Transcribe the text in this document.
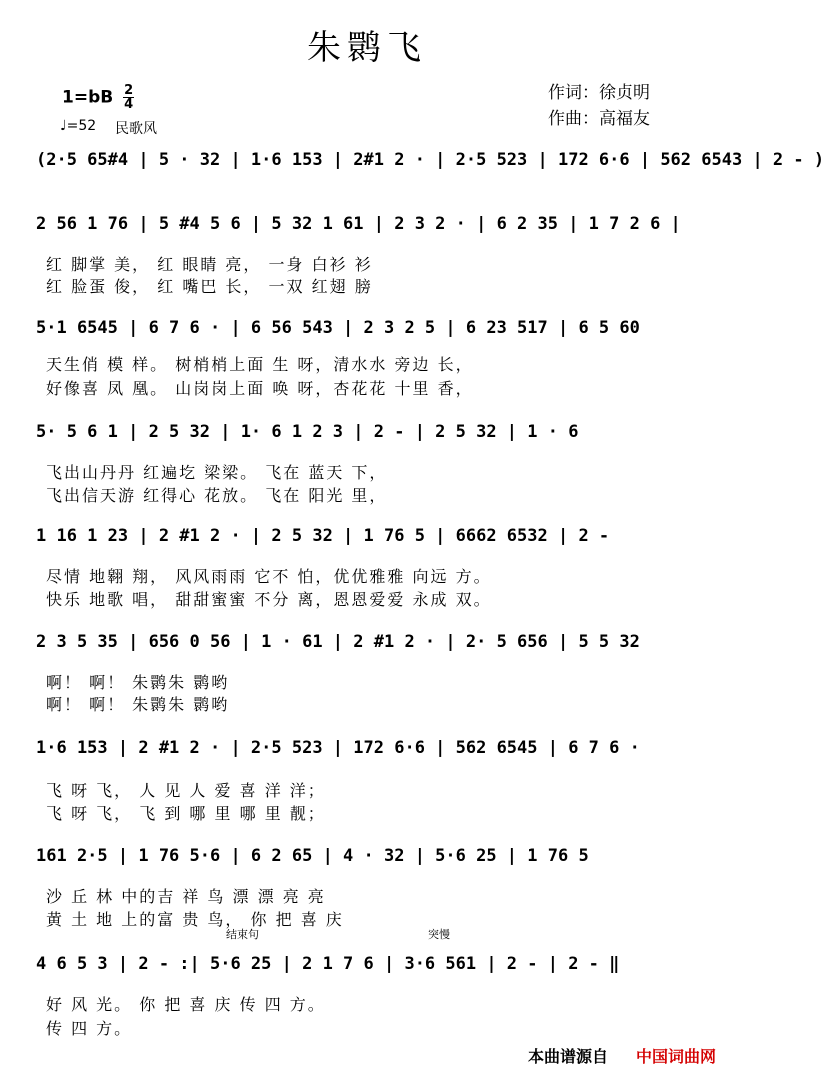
朱鹮飞
$1=bB \frac{2}{4}$
♩=52 民歌风
作词：徐贞明
作曲：高福友
(2·5 65#4 | 5 · 32 | 1·6 153 | 2#1 2 · | 2·5 523 | 172 6·6 | 562 6543 | 2 - )
2 56 1 76 | 5 #4 5 6 | 5 32 1 61 | 2 3 2 · | 6 2 35 | 1 7 2 6 |
红 脚掌 美， 红 眼睛 亮， 一身 白衫 衫
红 脸蛋 俊， 红 嘴巴 长， 一双 红翅 膀
5·1 6545 | 6 7 6 · | 6 56 543 | 2 3 2 5 | 6 23 517 | 6 5 60
天生俏 模 样。 树梢梢上面 生 呀，清水水 旁边 长，
好像喜 凤 凰。 山岗岗上面 唤 呀，杏花花 十里 香，
5· 5 6 1 | 2 5 32 | 1· 6 1 2 3 | 2 - | 2 5 32 | 1 · 6
飞出山丹丹 红遍圪 梁梁。 飞在 蓝天 下，
飞出信天游 红得心 花放。 飞在 阳光 里，
1 16 1 23 | 2 #1 2 · | 2 5 32 | 1 76 5 | 6662 6532 | 2 -
尽情 地翱 翔， 风风雨雨 它不 怕，优优雅雅 向远 方。
快乐 地歌 唱， 甜甜蜜蜜 不分 离，恩恩爱爱 永成 双。
2 3 5 35 | 656 0 56 | 1 · 61 | 2 #1 2 · | 2· 5 656 | 5 5 32
啊！ 啊！ 朱鹮朱 鹮哟
啊！ 啊！ 朱鹮朱 鹮哟
1·6 153 | 2 #1 2 · | 2·5 523 | 172 6·6 | 562 6545 | 6 7 6 ·
飞 呀 飞， 人 见 人 爱 喜 洋 洋；
飞 呀 飞， 飞 到 哪 里 哪 里 靓；
161 2·5 | 1 76 5·6 | 6 2 65 | 4 · 32 | 5·6 25 | 1 76 5
沙 丘 林 中的吉 祥 鸟 漂 漂 亮 亮
黄 土 地 上的富 贵 鸟， 你 把 喜 庆
结束句	突慢
4 6 5 3 | 2 - :| 5·6 25 | 2 1 7 6 | 3·6 561 | 2 - | 2 - ‖
好 风 光。 你 把 喜 庆 传 四 方。
传 四 方。
本曲谱源自 中国词曲网
